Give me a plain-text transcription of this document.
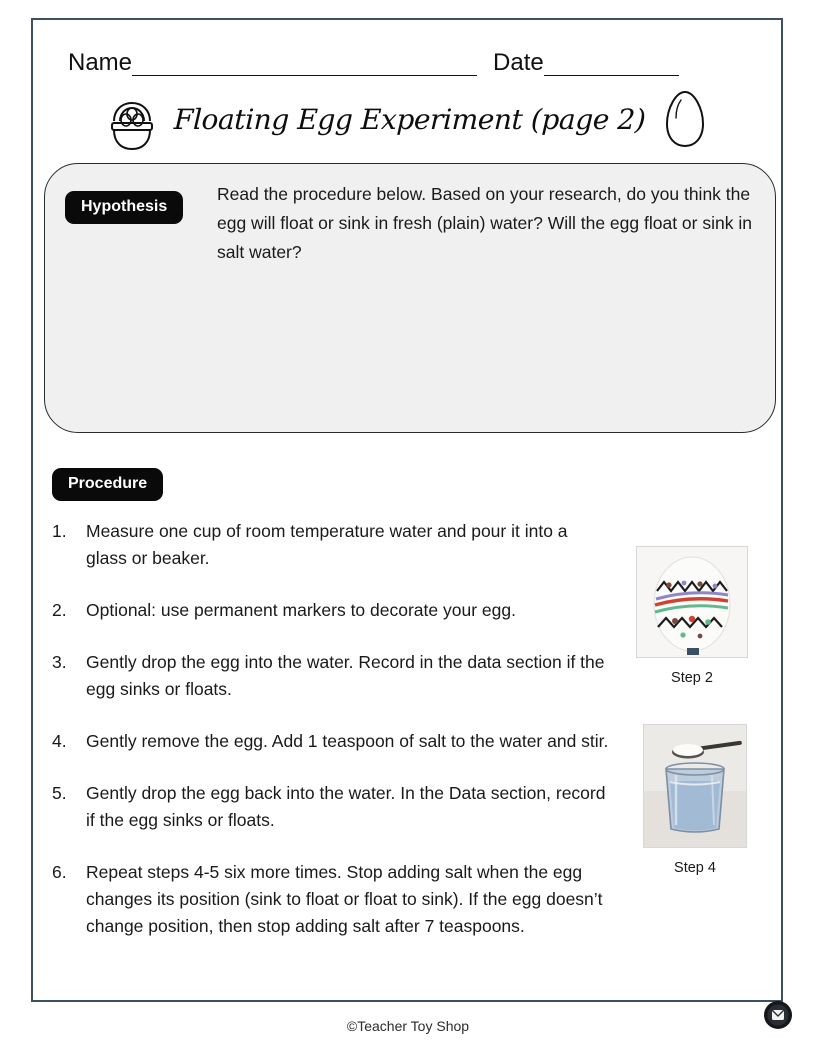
Name	Date
Floating Egg Experiment (page 2)
Hypothesis
Read the procedure below. Based on your research, do you think the egg will float or sink in fresh (plain) water? Will the egg float or sink in salt water?
Procedure
1.	Measure one cup of room temperature water and pour it into a glass or beaker.
2.	Optional: use permanent markers to decorate your egg.
3.	Gently drop the egg into the water. Record in the data section if the egg sinks or floats.
4.	Gently remove the egg. Add 1 teaspoon of salt to the water and stir.
5.	Gently drop the egg back into the water. In the Data section, record if the egg sinks or floats.
6.	Repeat steps 4-5 six more times. Stop adding salt when the egg changes its position (sink to float or float to sink). If the egg doesn’t change position, then stop adding salt after 7 teaspoons.
Step 2
Step 4
©Teacher Toy Shop
